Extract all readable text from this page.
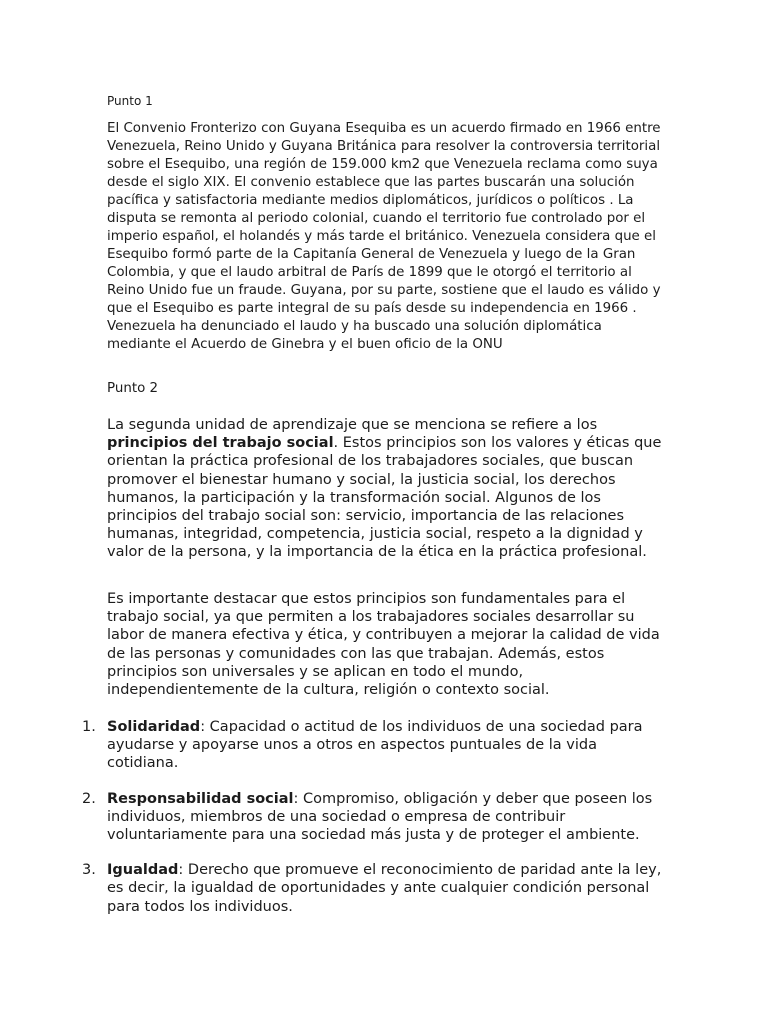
Punto 1

El Convenio Fronterizo con Guyana Esequiba es un acuerdo firmado en 1966 entre Venezuela, Reino Unido y Guyana Británica para resolver la controversia territorial sobre el Esequibo, una región de 159.000 km2 que Venezuela reclama como suya desde el siglo XIX. El convenio establece que las partes buscarán una solución pacífica y satisfactoria mediante medios diplomáticos, jurídicos o políticos . La disputa se remonta al periodo colonial, cuando el territorio fue controlado por el imperio español, el holandés y más tarde el británico. Venezuela considera que el Esequibo formó parte de la Capitanía General de Venezuela y luego de la Gran Colombia, y que el laudo arbitral de París de 1899 que le otorgó el territorio al Reino Unido fue un fraude. Guyana, por su parte, sostiene que el laudo es válido y que el Esequibo es parte integral de su país desde su independencia en 1966 . Venezuela ha denunciado el laudo y ha buscado una solución diplomática mediante el Acuerdo de Ginebra y el buen oficio de la ONU

Punto 2

La segunda unidad de aprendizaje que se menciona se refiere a los principios del trabajo social. Estos principios son los valores y éticas que orientan la práctica profesional de los trabajadores sociales, que buscan promover el bienestar humano y social, la justicia social, los derechos humanos, la participación y la transformación social. Algunos de los principios del trabajo social son: servicio, importancia de las relaciones humanas, integridad, competencia, justicia social, respeto a la dignidad y valor de la persona, y la importancia de la ética en la práctica profesional.

Es importante destacar que estos principios son fundamentales para el trabajo social, ya que permiten a los trabajadores sociales desarrollar su labor de manera efectiva y ética, y contribuyen a mejorar la calidad de vida de las personas y comunidades con las que trabajan. Además, estos principios son universales y se aplican en todo el mundo, independientemente de la cultura, religión o contexto social.

1. Solidaridad: Capacidad o actitud de los individuos de una sociedad para ayudarse y apoyarse unos a otros en aspectos puntuales de la vida cotidiana.
2. Responsabilidad social: Compromiso, obligación y deber que poseen los individuos, miembros de una sociedad o empresa de contribuir voluntariamente para una sociedad más justa y de proteger el ambiente.
3. Igualdad: Derecho que promueve el reconocimiento de paridad ante la ley, es decir, la igualdad de oportunidades y ante cualquier condición personal para todos los individuos.
